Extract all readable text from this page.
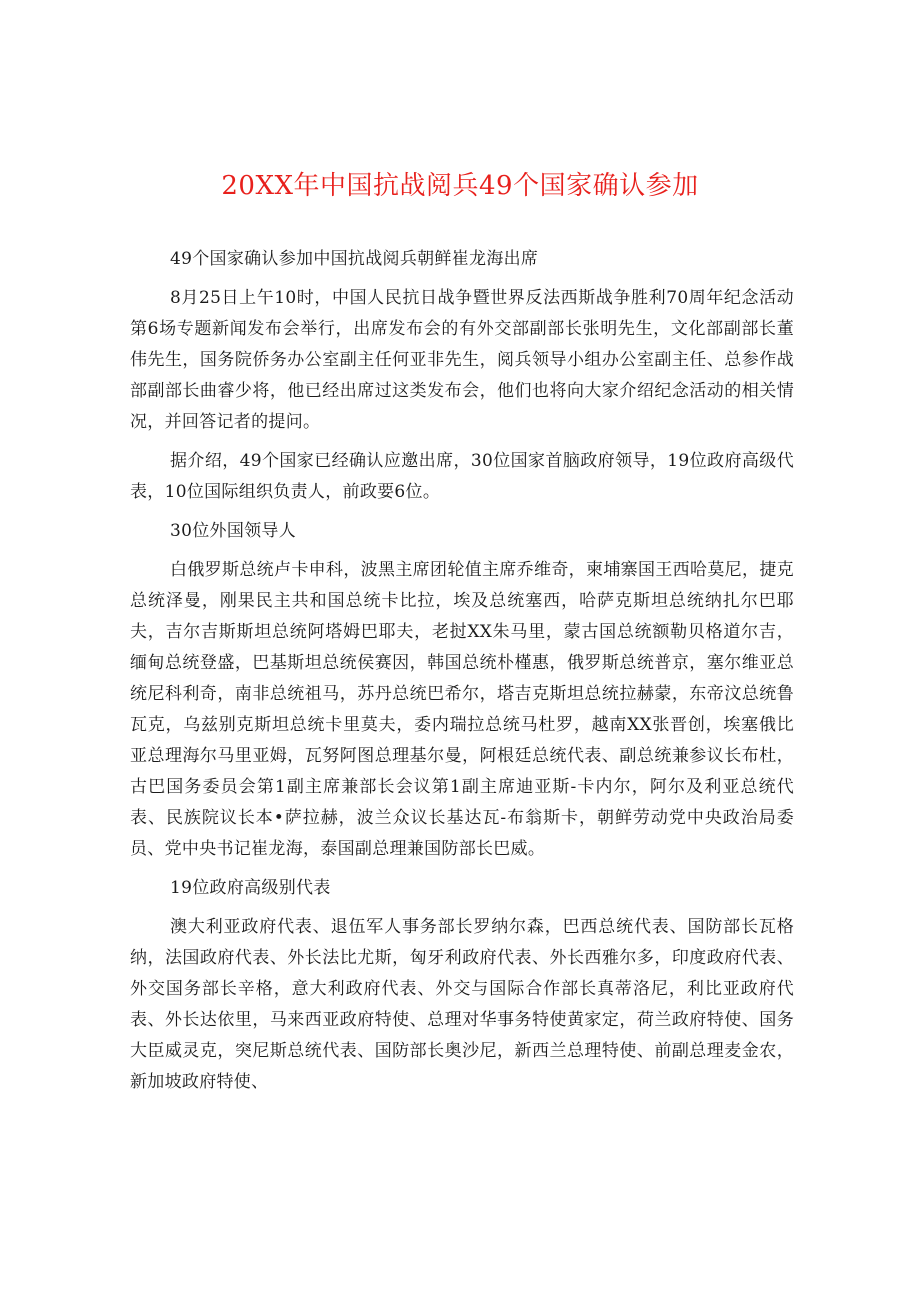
20XX年中国抗战阅兵49个国家确认参加

49个国家确认参加中国抗战阅兵朝鲜崔龙海出席

8月25日上午10时，中国人民抗日战争暨世界反法西斯战争胜利70周年纪念活动第6场专题新闻发布会举行，出席发布会的有外交部副部长张明先生，文化部副部长董伟先生，国务院侨务办公室副主任何亚非先生，阅兵领导小组办公室副主任、总参作战部副部长曲睿少将，他已经出席过这类发布会，他们也将向大家介绍纪念活动的相关情况，并回答记者的提问。

据介绍，49个国家已经确认应邀出席，30位国家首脑政府领导，19位政府高级代表，10位国际组织负责人，前政要6位。

30位外国领导人

白俄罗斯总统卢卡申科，波黑主席团轮值主席乔维奇，柬埔寨国王西哈莫尼，捷克总统泽曼，刚果民主共和国总统卡比拉，埃及总统塞西，哈萨克斯坦总统纳扎尔巴耶夫，吉尔吉斯斯坦总统阿塔姆巴耶夫，老挝XX朱马里，蒙古国总统额勒贝格道尔吉，缅甸总统登盛，巴基斯坦总统侯赛因，韩国总统朴槿惠，俄罗斯总统普京，塞尔维亚总统尼科利奇，南非总统祖马，苏丹总统巴希尔，塔吉克斯坦总统拉赫蒙，东帝汶总统鲁瓦克，乌兹别克斯坦总统卡里莫夫，委内瑞拉总统马杜罗，越南XX张晋创，埃塞俄比亚总理海尔马里亚姆，瓦努阿图总理基尔曼，阿根廷总统代表、副总统兼参议长布杜，古巴国务委员会第1副主席兼部长会议第1副主席迪亚斯-卡内尔，阿尔及利亚总统代表、民族院议长本•萨拉赫，波兰众议长基达瓦-布翁斯卡，朝鲜劳动党中央政治局委员、党中央书记崔龙海，泰国副总理兼国防部长巴威。

19位政府高级别代表

澳大利亚政府代表、退伍军人事务部长罗纳尔森，巴西总统代表、国防部长瓦格纳，法国政府代表、外长法比尤斯，匈牙利政府代表、外长西雅尔多，印度政府代表、外交国务部长辛格，意大利政府代表、外交与国际合作部长真蒂洛尼，利比亚政府代表、外长达依里，马来西亚政府特使、总理对华事务特使黄家定，荷兰政府特使、国务大臣威灵克，突尼斯总统代表、国防部长奥沙尼，新西兰总理特使、前副总理麦金农，新加坡政府特使、
